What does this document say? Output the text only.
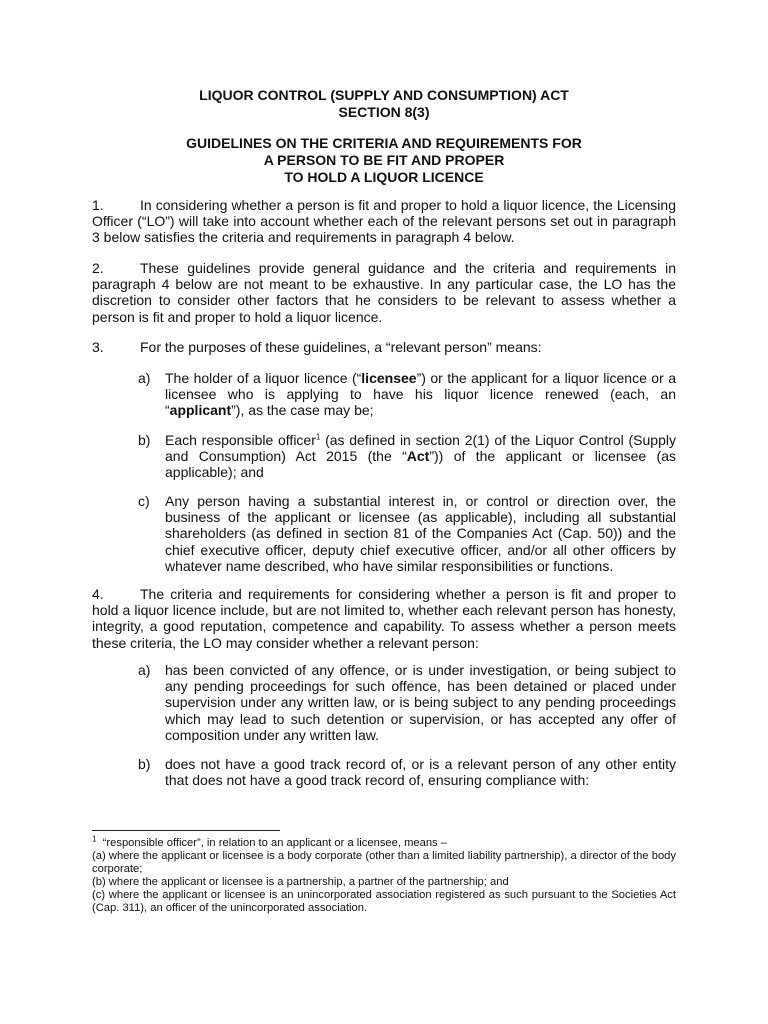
LIQUOR CONTROL (SUPPLY AND CONSUMPTION) ACT
SECTION 8(3)
GUIDELINES ON THE CRITERIA AND REQUIREMENTS FOR
A PERSON TO BE FIT AND PROPER
TO HOLD A LIQUOR LICENCE
1.	In considering whether a person is fit and proper to hold a liquor licence, the Licensing Officer (“LO”) will take into account whether each of the relevant persons set out in paragraph 3 below satisfies the criteria and requirements in paragraph 4 below.
2.	These guidelines provide general guidance and the criteria and requirements in paragraph 4 below are not meant to be exhaustive. In any particular case, the LO has the discretion to consider other factors that he considers to be relevant to assess whether a person is fit and proper to hold a liquor licence.
3.	For the purposes of these guidelines, a “relevant person” means:
a) The holder of a liquor licence (“licensee”) or the applicant for a liquor licence or a licensee who is applying to have his liquor licence renewed (each, an “applicant”), as the case may be;
b) Each responsible officer$^1$ (as defined in section 2(1) of the Liquor Control (Supply and Consumption) Act 2015 (the “Act”)) of the applicant or licensee (as applicable); and
c) Any person having a substantial interest in, or control or direction over, the business of the applicant or licensee (as applicable), including all substantial shareholders (as defined in section 81 of the Companies Act (Cap. 50)) and the chief executive officer, deputy chief executive officer, and/or all other officers by whatever name described, who have similar responsibilities or functions.
4.	The criteria and requirements for considering whether a person is fit and proper to hold a liquor licence include, but are not limited to, whether each relevant person has honesty, integrity, a good reputation, competence and capability. To assess whether a person meets these criteria, the LO may consider whether a relevant person:
a) has been convicted of any offence, or is under investigation, or being subject to any pending proceedings for such offence, has been detained or placed under supervision under any written law, or is being subject to any pending proceedings which may lead to such detention or supervision, or has accepted any offer of composition under any written law.
b) does not have a good track record of, or is a relevant person of any other entity that does not have a good track record of, ensuring compliance with:
$^1$ “responsible officer”, in relation to an applicant or a licensee, means –
(a) where the applicant or licensee is a body corporate (other than a limited liability partnership), a director of the body corporate;
(b) where the applicant or licensee is a partnership, a partner of the partnership; and
(c) where the applicant or licensee is an unincorporated association registered as such pursuant to the Societies Act (Cap. 311), an officer of the unincorporated association.
